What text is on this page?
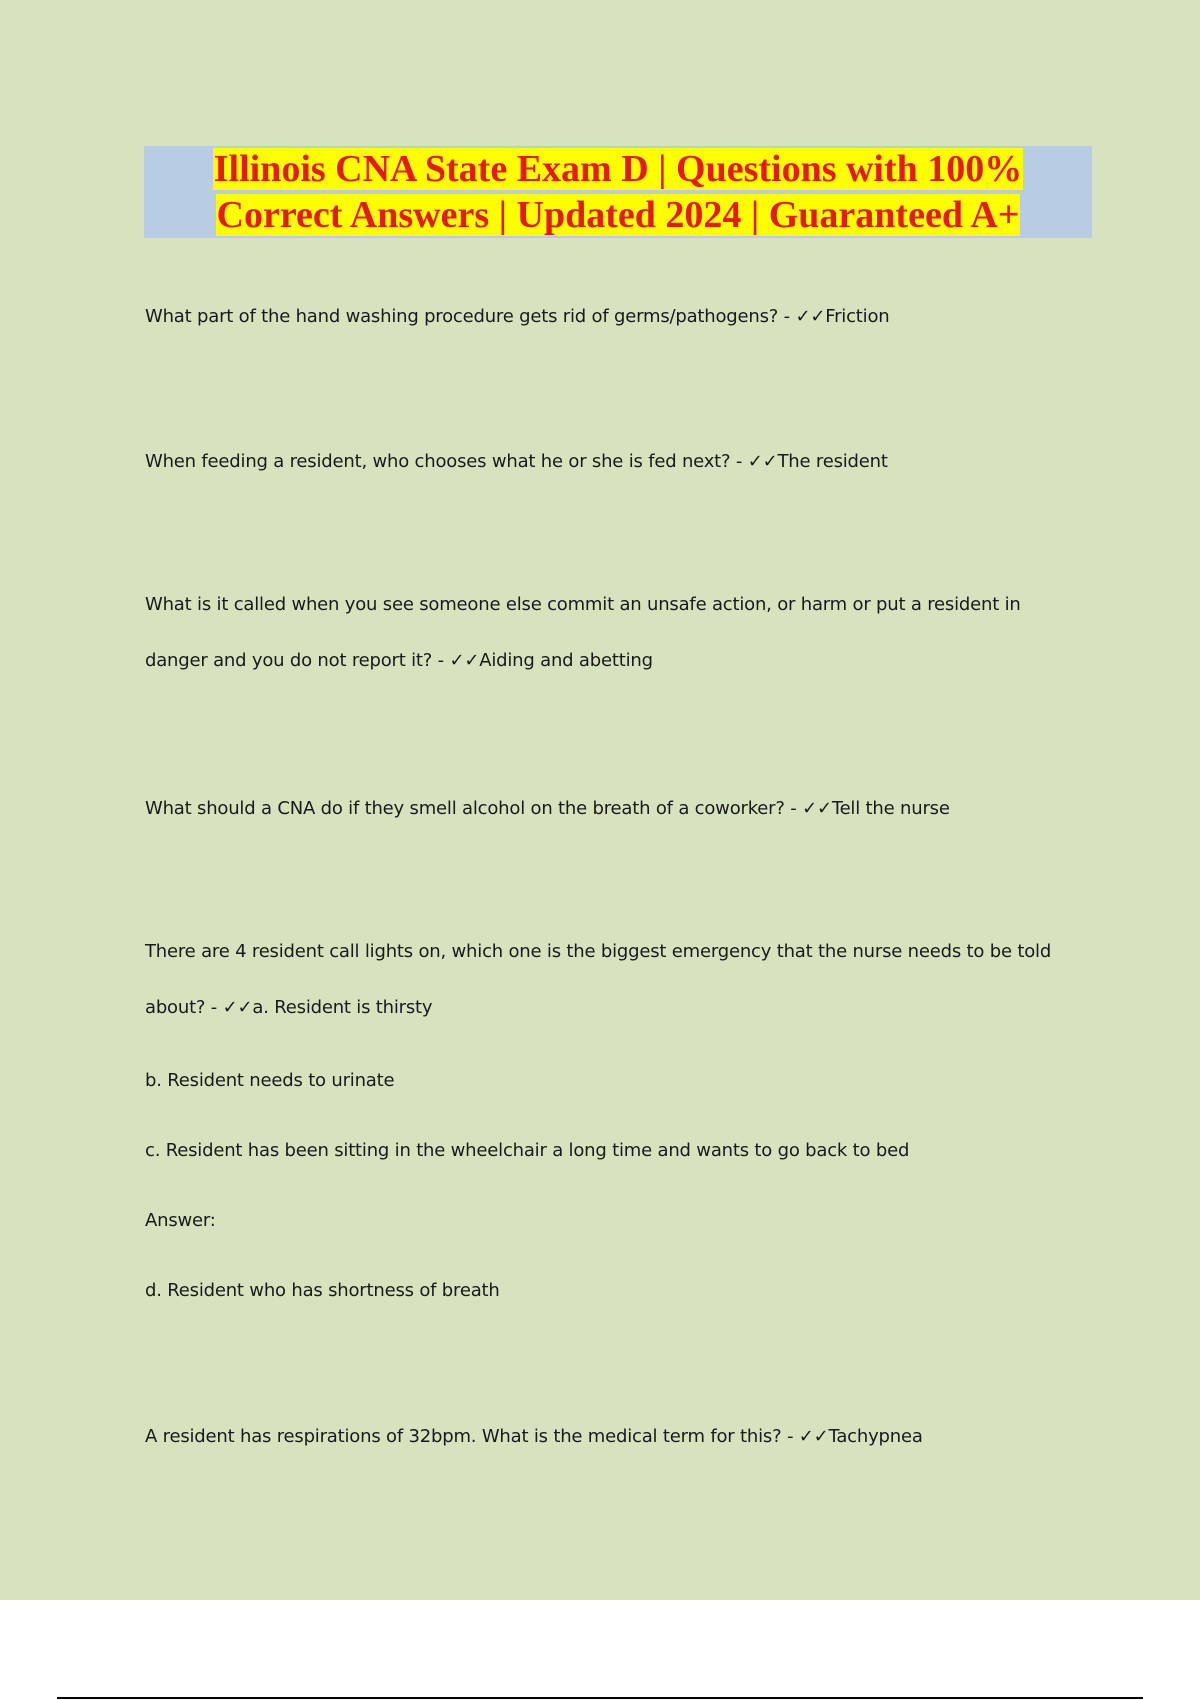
Illinois CNA State Exam D | Questions with 100%
Correct Answers | Updated 2024 | Guaranteed A+

What part of the hand washing procedure gets rid of germs/pathogens? - ✓✓Friction

When feeding a resident, who chooses what he or she is fed next? - ✓✓The resident

What is it called when you see someone else commit an unsafe action, or harm or put a resident in danger and you do not report it? - ✓✓Aiding and abetting

What should a CNA do if they smell alcohol on the breath of a coworker? - ✓✓Tell the nurse

There are 4 resident call lights on, which one is the biggest emergency that the nurse needs to be told about? - ✓✓a. Resident is thirsty

b. Resident needs to urinate

c. Resident has been sitting in the wheelchair a long time and wants to go back to bed

Answer:

d. Resident who has shortness of breath

A resident has respirations of 32bpm. What is the medical term for this? - ✓✓Tachypnea
